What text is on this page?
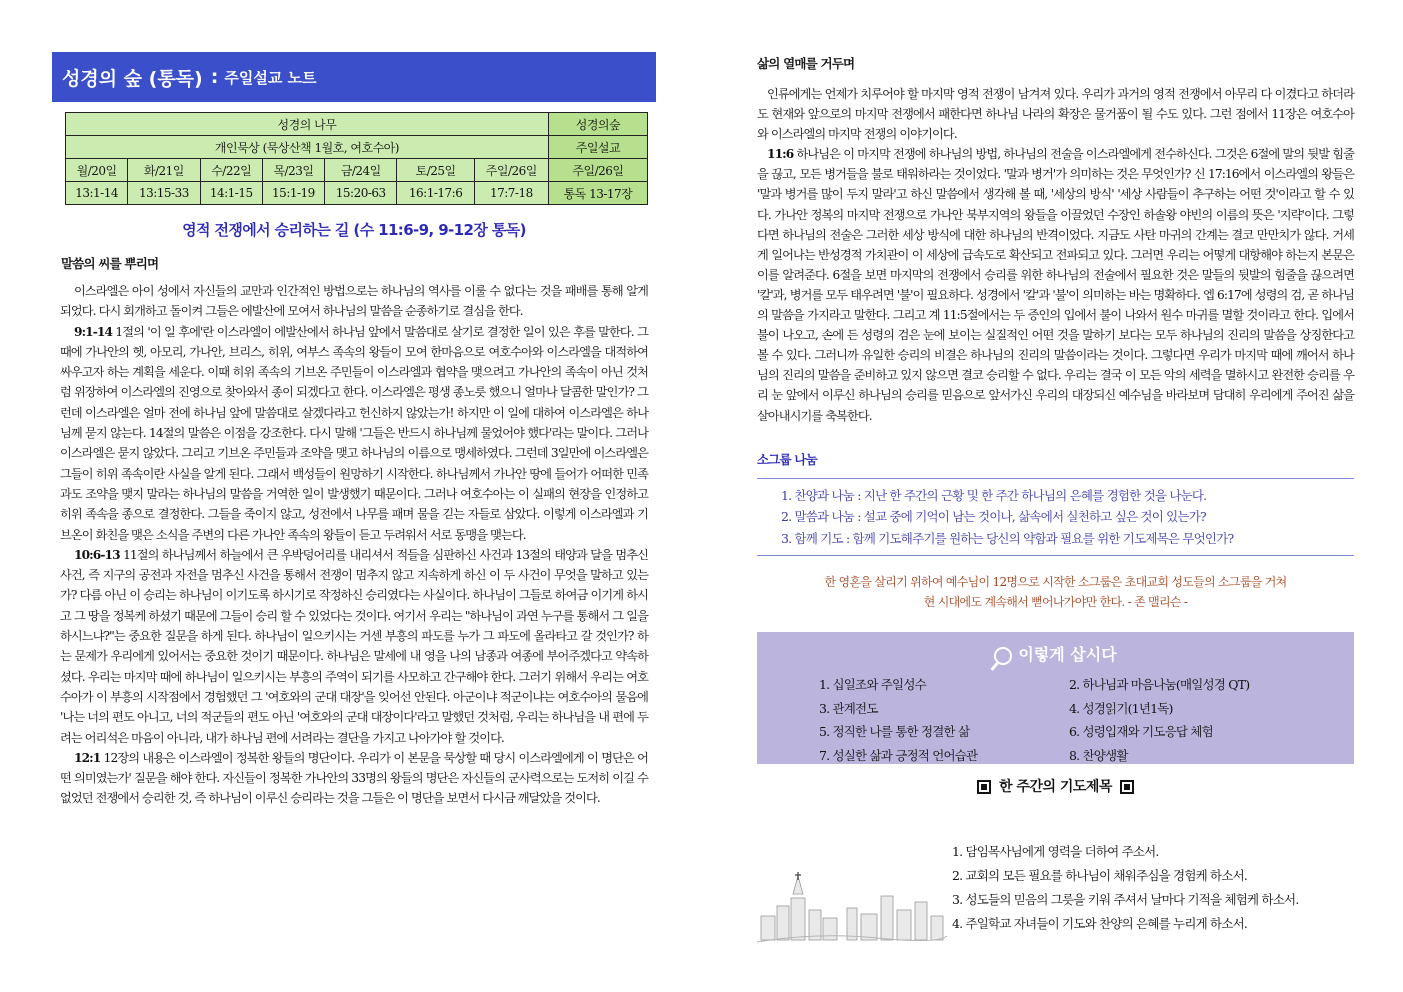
성경의 숲 (통독) : 주일설교 노트
성경의 나무							성경의숲
개인묵상 (묵상산책 1월호, 여호수아)							주일설교
월/20일	화/21일	수/22일	목/23일	금/24일	토/25일	주일/26일	주일/26일
13:1-14	13:15-33	14:1-15	15:1-19	15:20-63	16:1-17:6	17:7-18	통독 13-17장
영적 전쟁에서 승리하는 길 (수 11:6-9, 9-12장 통독)
말씀의 씨를 뿌리며

이스라엘은 아이 성에서 자신들의 교만과 인간적인 방법으로는 하나님의 역사를 이룰 수 없다는 것을 패배를 통해 알게 되었다. 다시 회개하고 돌이켜 그들은 에발산에 모여서 하나님의 말씀을 순종하기로 결심을 한다.

9:1-14 1절의 '이 일 후에'란 이스라엘이 에발산에서 하나님 앞에서 말씀대로 살기로 결정한 일이 있은 후를 말한다. 그때에 가나안의 헷, 아모리, 가나안, 브리스, 히위, 여부스 족속의 왕들이 모여 한마음으로 여호수아와 이스라엘을 대적하여 싸우고자 하는 계획을 세운다. 이때 히위 족속의 기브온 주민들이 이스라엘과 협약을 맺으려고 가나안의 족속이 아닌 것처럼 위장하여 이스라엘의 진영으로 찾아와서 종이 되겠다고 한다. 이스라엘은 평생 종노릇 했으니 얼마나 달콤한 말인가? 그런데 이스라엘은 얼마 전에 하나님 앞에 말씀대로 살겠다라고 헌신하지 않았는가! 하지만 이 일에 대하여 이스라엘은 하나님께 묻지 않는다. 14절의 말씀은 이점을 강조한다. 다시 말해 '그들은 반드시 하나님께 물었어야 했다'라는 말이다. 그러나 이스라엘은 묻지 않았다. 그리고 기브온 주민들과 조약을 맺고 하나님의 이름으로 맹세하였다. 그런데 3일만에 이스라엘은 그들이 히위 족속이란 사실을 알게 된다. 그래서 백성들이 원망하기 시작한다. 하나님께서 가나안 땅에 들어가 어떠한 민족과도 조약을 맺지 말라는 하나님의 말씀을 거역한 일이 발생했기 때문이다. 그러나 여호수아는 이 실패의 현장을 인정하고 히위 족속을 종으로 결정한다. 그들을 죽이지 않고, 성전에서 나무를 패며 물을 긷는 자들로 삼았다. 이렇게 이스라엘과 기브온이 화친을 맺은 소식을 주변의 다른 가나안 족속의 왕들이 듣고 두려워서 서로 동맹을 맺는다.

10:6-13 11절의 하나님께서 하늘에서 큰 우박덩어리를 내리셔서 적들을 심판하신 사건과 13절의 태양과 달을 멈추신 사건, 즉 지구의 공전과 자전을 멈추신 사건을 통해서 전쟁이 멈추지 않고 지속하게 하신 이 두 사건이 무엇을 말하고 있는가? 다름 아닌 이 승리는 하나님이 이기도록 하시기로 작정하신 승리였다는 사실이다. 하나님이 그들로 하여금 이기게 하시고 그 땅을 정복케 하셨기 때문에 그들이 승리 할 수 있었다는 것이다. 여기서 우리는 "하나님이 과연 누구를 통해서 그 일을 하시느냐?"는 중요한 질문을 하게 된다. 하나님이 일으키시는 거센 부흥의 파도를 누가 그 파도에 올라타고 갈 것인가? 하는 문제가 우리에게 있어서는 중요한 것이기 때문이다. 하나님은 말세에 내 영을 나의 남종과 여종에 부어주겠다고 약속하셨다. 우리는 마지막 때에 하나님이 일으키시는 부흥의 주역이 되기를 사모하고 간구해야 한다. 그러기 위해서 우리는 여호수아가 이 부흥의 시작점에서 경험했던 그 '여호와의 군대 대장'을 잊어선 안된다. 아군이냐 적군이냐는 여호수아의 물음에 '나는 너의 편도 아니고, 너의 적군들의 편도 아닌 '여호와의 군대 대장이다'라고 말했던 것처럼, 우리는 하나님을 내 편에 두려는 어리석은 마음이 아니라, 내가 하나님 편에 서려라는 결단을 가지고 나아가야 할 것이다.

12:1 12장의 내용은 이스라엘이 정복한 왕들의 명단이다. 우리가 이 본문을 묵상할 때 당시 이스라엘에게 이 명단은 어떤 의미였는가' 질문을 해야 한다. 자신들이 정복한 가나안의 33명의 왕들의 명단은 자신들의 군사력으로는 도저히 이길 수 없었던 전쟁에서 승리한 것, 즉 하나님이 이루신 승리라는 것을 그들은 이 명단을 보면서 다시금 깨달았을 것이다.

삶의 열매를 거두며

인류에게는 언제가 치루어야 할 마지막 영적 전쟁이 남겨져 있다. 우리가 과거의 영적 전쟁에서 아무리 다 이겼다고 하더라도 현재와 앞으로의 마지막 전쟁에서 패한다면 하나님 나라의 확장은 물거품이 될 수도 있다. 그런 점에서 11장은 여호수아와 이스라엘의 마지막 전쟁의 이야기이다.

11:6 하나님은 이 마지막 전쟁에 하나님의 방법, 하나님의 전술을 이스라엘에게 전수하신다. 그것은 6절에 말의 뒷발 힘줄을 끊고, 모든 병거들을 불로 태워하라는 것이었다. '말과 병거'가 의미하는 것은 무엇인가? 신 17:16에서 이스라엘의 왕들은 '말과 병거를 많이 두지 말라'고 하신 말씀에서 생각해 볼 때, '세상의 방식' '세상 사람들이 추구하는 어떤 것'이라고 할 수 있다. 가나안 정복의 마지막 전쟁으로 가나안 북부지역의 왕들을 이끌었던 수장인 하솔왕 야빈의 이름의 뜻은 '지략'이다. 그렇다면 하나님의 전술은 그러한 세상 방식에 대한 하나님의 반격이었다. 지금도 사탄 마귀의 간계는 결코 만만치가 않다. 거세게 일어나는 반성경적 가치관이 이 세상에 급속도로 확산되고 전파되고 있다. 그러면 우리는 어떻게 대항해야 하는지 본문은 이를 알려준다. 6절을 보면 마지막의 전쟁에서 승리를 위한 하나님의 전술에서 필요한 것은 말들의 뒷발의 힘줄을 끊으려면 '칼'과, 병거를 모두 태우려면 '불'이 필요하다. 성경에서 '칼'과 '불'이 의미하는 바는 명확하다. 엡 6:17에 성령의 검, 곧 하나님의 말씀을 가지라고 말한다. 그리고 계 11:5절에서는 두 증인의 입에서 불이 나와서 원수 마귀를 멸할 것이라고 한다. 입에서 불이 나오고, 손에 든 성령의 검은 눈에 보이는 실질적인 어떤 것을 말하기 보다는 모두 하나님의 진리의 말씀을 상징한다고 볼 수 있다. 그러니까 유일한 승리의 비결은 하나님의 진리의 말씀이라는 것이다. 그렇다면 우리가 마지막 때에 깨어서 하나님의 진리의 말씀을 준비하고 있지 않으면 결코 승리할 수 없다. 우리는 결국 이 모든 악의 세력을 멸하시고 완전한 승리를 우리 눈 앞에서 이루신 하나님의 승리를 믿음으로 앞서가신 우리의 대장되신 예수님을 바라보며 담대히 우리에게 주어진 삶을 살아내시기를 축복한다.

소그룹 나눔
1. 찬양과 나눔 : 지난 한 주간의 근황 및 한 주간 하나님의 은혜를 경험한 것을 나눈다.
2. 말씀과 나눔 : 설교 중에 기억이 남는 것이나, 삶속에서 실천하고 싶은 것이 있는가?
3. 함께 기도 : 함께 기도해주기를 원하는 당신의 약함과 필요를 위한 기도제목은 무엇인가?
한 영혼을 살리기 위하여 예수님이 12명으로 시작한 소그룹은 초대교회 성도들의 소그룹을 거쳐
현 시대에도 계속해서 뻗어나가야만 한다. - 존 맬리슨 -
이렇게 삽시다
1. 십일조와 주일성수	2. 하나님과 마음나눔(매일성경 QT)
3. 관계전도	4. 성경읽기(1년1독)
5. 정직한 나를 통한 정결한 삶	6. 성령입재와 기도응답 체험
7. 성실한 삶과 긍정적 언어습관	8. 찬양생활
한 주간의 기도제목
1. 담임목사님에게 영력을 더하여 주소서.
2. 교회의 모든 필요를 하나님이 채워주심을 경험케 하소서.
3. 성도들의 믿음의 그릇을 키워 주셔서 날마다 기적을 체험케 하소서.
4. 주일학교 자녀들이 기도와 찬양의 은혜를 누리게 하소서.
